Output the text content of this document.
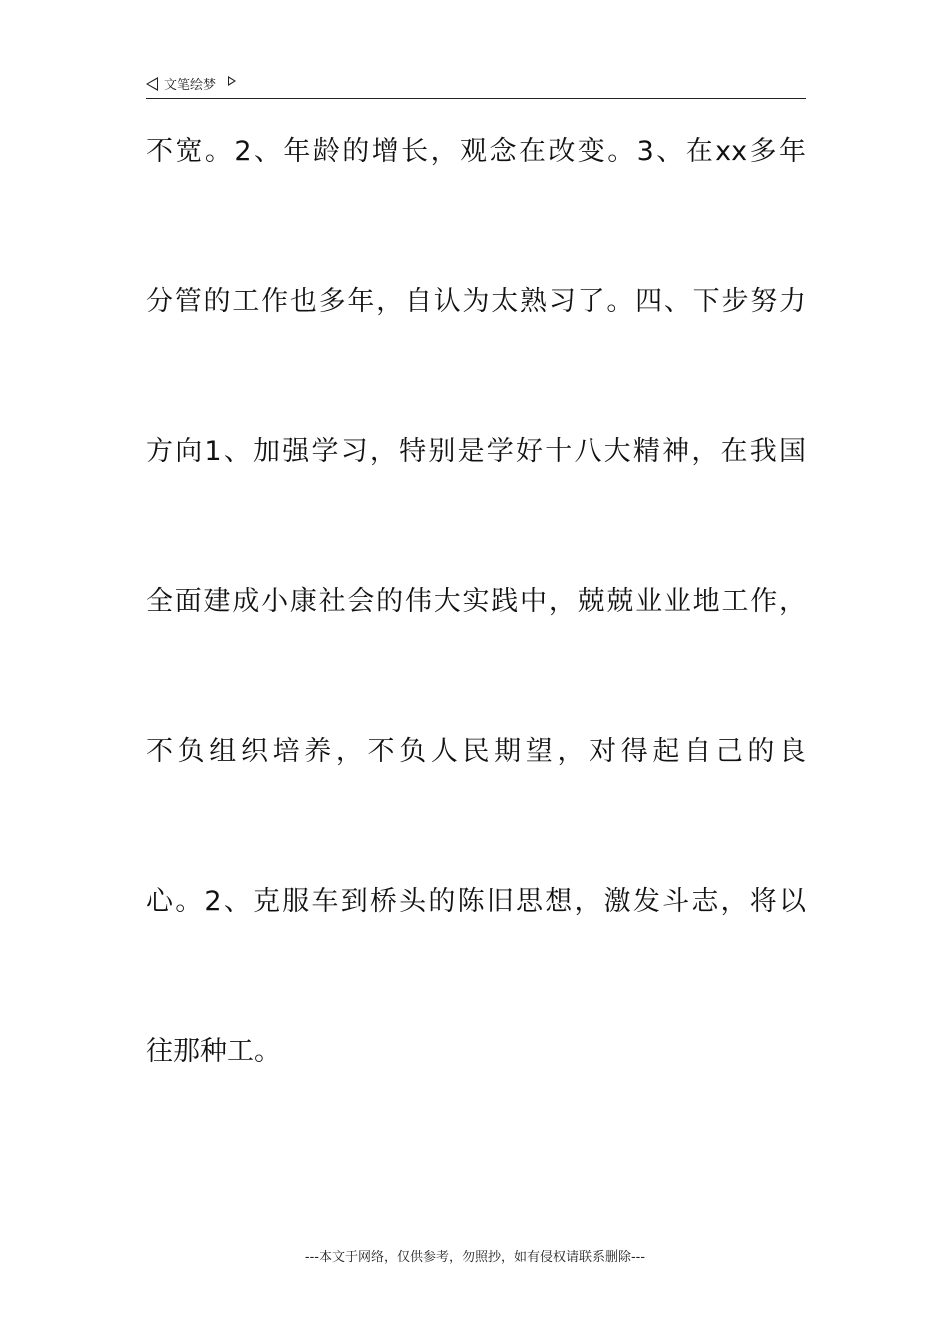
文笔绘梦
不宽。2、年龄的增长，观念在改变。3、在xx多年
分管的工作也多年，自认为太熟习了。四、下步努力
方向1、加强学习，特别是学好十八大精神，在我国
全面建成小康社会的伟大实践中，兢兢业业地工作，
不负组织培养，不负人民期望，对得起自己的良
心。2、克服车到桥头的陈旧思想，激发斗志，将以
往那种工。
---本文于网络，仅供参考，勿照抄，如有侵权请联系删除---
